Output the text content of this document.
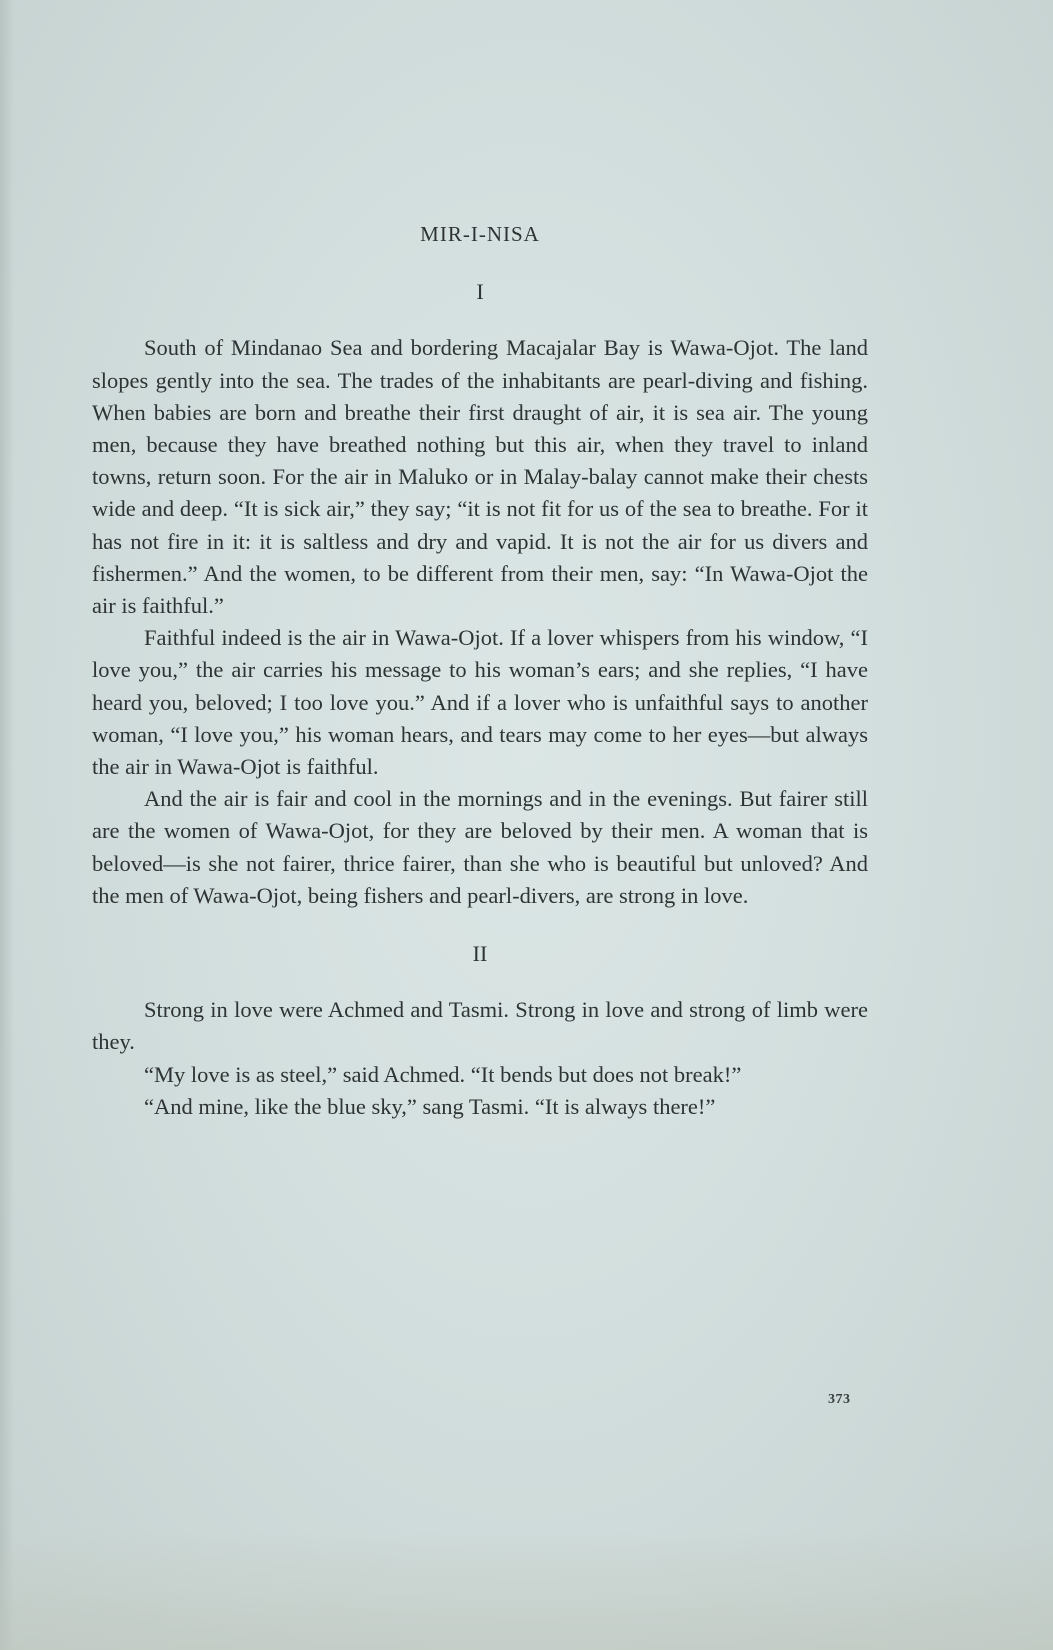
MIR-I-NISA
I

South of Mindanao Sea and bordering Macajalar Bay is Wawa-Ojot. The land slopes gently into the sea. The trades of the inhabitants are pearl-diving and fishing. When babies are born and breathe their first draught of air, it is sea air. The young men, because they have breathed nothing but this air, when they travel to inland towns, return soon. For the air in Maluko or in Malay-balay cannot make their chests wide and deep. “It is sick air,” they say; “it is not fit for us of the sea to breathe. For it has not fire in it: it is saltless and dry and vapid. It is not the air for us divers and fishermen.” And the women, to be different from their men, say: “In Wawa-Ojot the air is faithful.”

Faithful indeed is the air in Wawa-Ojot. If a lover whispers from his window, “I love you,” the air carries his message to his woman’s ears; and she replies, “I have heard you, beloved; I too love you.” And if a lover who is unfaithful says to another woman, “I love you,” his woman hears, and tears may come to her eyes—but always the air in Wawa-Ojot is faithful.

And the air is fair and cool in the mornings and in the evenings. But fairer still are the women of Wawa-Ojot, for they are beloved by their men. A woman that is beloved—is she not fairer, thrice fairer, than she who is beautiful but unloved? And the men of Wawa-Ojot, being fishers and pearl-divers, are strong in love.

II

Strong in love were Achmed and Tasmi. Strong in love and strong of limb were they.

“My love is as steel,” said Achmed. “It bends but does not break!”

“And mine, like the blue sky,” sang Tasmi. “It is always there!”

373
